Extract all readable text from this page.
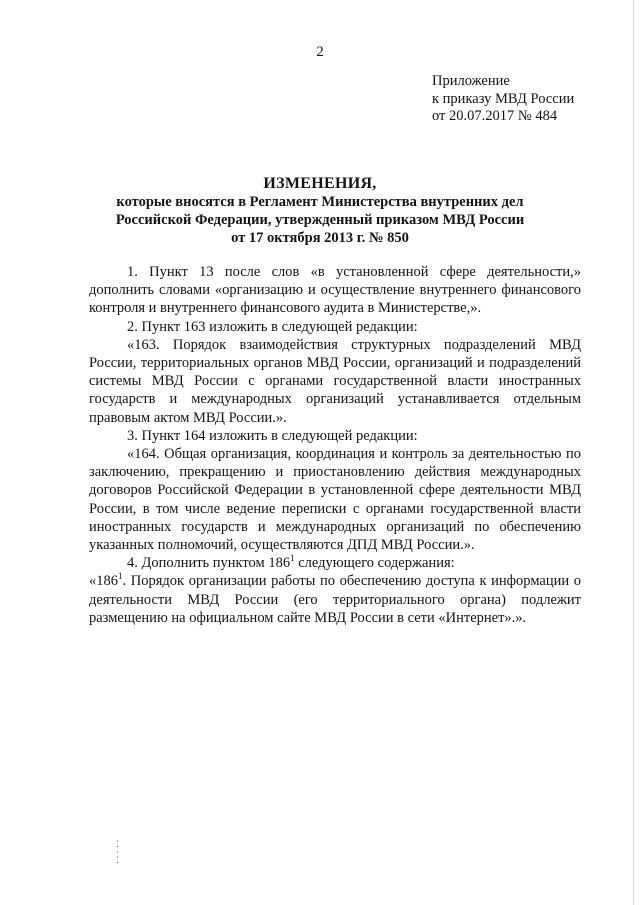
2
Приложение
к приказу МВД России
от 20.07.2017 № 484
ИЗМЕНЕНИЯ,
которые вносятся в Регламент Министерства внутренних дел
Российской Федерации, утвержденный приказом МВД России
от 17 октября 2013 г. № 850

1. Пункт 13 после слов «в установленной сфере деятельности,» дополнить словами «организацию и осуществление внутреннего финансового контроля и внутреннего финансового аудита в Министерстве,».

2. Пункт 163 изложить в следующей редакции:

«163. Порядок взаимодействия структурных подразделений МВД России, территориальных органов МВД России, организаций и подразделений системы МВД России с органами государственной власти иностранных государств и международных организаций устанавливается отдельным правовым актом МВД России.».

3. Пункт 164 изложить в следующей редакции:

«164. Общая организация, координация и контроль за деятельностью по заключению, прекращению и приостановлению действия международных договоров Российской Федерации в установленной сфере деятельности МВД России, в том числе ведение переписки с органами государственной власти иностранных государств и международных организаций по обеспечению указанных полномочий, осуществляются ДПД МВД России.».

4. Дополнить пунктом $186^1$ следующего содержания:

«$186^1$. Порядок организации работы по обеспечению доступа к информации о деятельности МВД России (его территориального органа) подлежит размещению на официальном сайте МВД России в сети «Интернет».».

⁚
·
⁚
